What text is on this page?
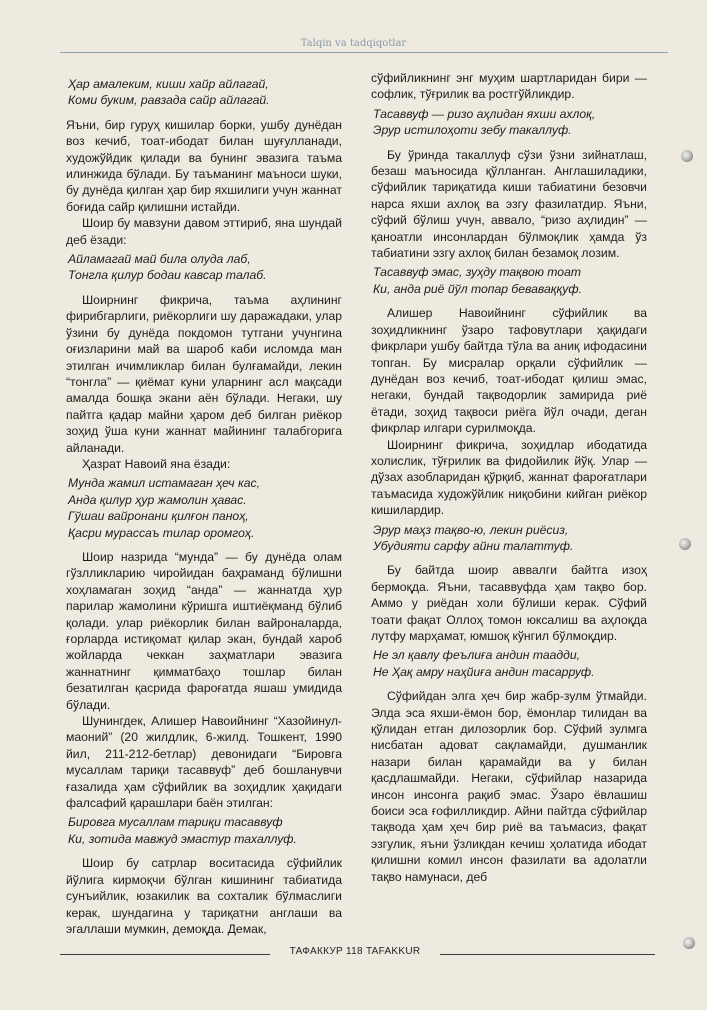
Talqin va tadqiqotlar
Ҳар амалеким, киши хайр айлагай,
Коми буким, равзада сайр айлагай.

Яъни, бир гуруҳ кишилар борки, ушбу дунёдан воз кечиб, тоат-ибодат билан шуғулланади, художўйдик қилади ва бунинг эвазига таъма илинжида бўлади. Бу таъманинг маъноси шуки, бу дунёда қилган ҳар бир яхшилиги учун жаннат боғида сайр қилишни истайди.

Шоир бу мавзуни давом эттириб, яна шундай деб ёзади:

Айламагай май била олуда лаб,
Тонгла қилур бодаи кавсар талаб.

Шоирнинг фикрича, таъма аҳлининг фирибгарлиги, риёкорлиги шу даражадаки, улар ўзини бу дунёда покдомон тутгани учунгина оғизларини май ва шароб каби исломда ман этилган ичимликлар билан булғамайди, лекин “тонгла” — қиёмат куни уларнинг асл мақсади амалда бошқа экани аён бўлади. Негаки, шу пайтга қадар майни ҳаром деб билган риёкор зоҳид ўша куни жаннат майининг талабгорига айланади.

Ҳазрат Навоий яна ёзади:

Мунда жамил истамаган ҳеч кас,
Анда қилур ҳур жамолин ҳавас.
Гўшаи вайронани қилғон паноҳ,
Қасри мурассаъ тилар оромгоҳ.

Шоир назрида “мунда” — бу дунёда олам гўзлликларию чиройидан баҳраманд бўлишни хоҳламаган зоҳид “анда” — жаннатда ҳур парилар жамолини кўришга иштиёқманд бўлиб қолади. улар риёкорлик билан вайроналарда, ғорларда истиқомат қилар экан, бундай хароб жойларда чеккан заҳматлари эвазига жаннатнинг қимматбаҳо тошлар билан безатилган қасрида фароғатда яшаш умидида бўлади.

Шунингдек, Алишер Навоийнинг “Хазойинул-маоний” (20 жилдлик, 6-жилд. Тошкент, 1990 йил, 211-212-бетлар) девонидаги “Бировга мусаллам тариқи тасаввуф” деб бошланувчи ғазалида ҳам сўфийлик ва зоҳидлик ҳақидаги фалсафий қарашлари баён этилган:

Бировга мусаллам тариқи тасаввуф
Ки, зотида мавжуд эмастур тахаллуф.

Шоир бу сатрлар воситасида сўфийлик йўлига кирмоқчи бўлган кишининг табиатида сунъийлик, юзакилик ва сохталик бўлмаслиги керак, шундагина у тариқатни англаши ва эгаллаши мумкин, демоқда. Демак,

сўфийликнинг энг муҳим шартларидан бири — софлик, тўғрилик ва ростгўйликдир.

Тасаввуф — ризо аҳлидан яхши ахлоқ,
Эрур истилоҳоти зебу такаллуф.

Бу ўринда такаллуф сўзи ўзни зийнатлаш, безаш маъносида қўлланган. Англашиладики, сўфийлик тариқатида киши табиатини безовчи нарса яхши ахлоқ ва эзгу фазилатдир. Яъни, сўфий бўлиш учун, аввало, “ризо аҳлидин” — қаноатли инсонлардан бўлмоқлик ҳамда ўз табиатини эзгу ахлоқ билан безамоқ лозим.

Тасаввуф эмас, зуҳду тақвою тоат
Ки, анда риё йўл топар беваваққуф.

Алишер Навоийнинг сўфийлик ва зоҳидликнинг ўзаро тафовутлари ҳақидаги фикрлари ушбу байтда тўла ва аниқ ифодасини топган. Бу мисралар орқали сўфийлик — дунёдан воз кечиб, тоат-ибодат қилиш эмас, негаки, бундай тақводорлик замирида риё ётади, зоҳид тақвоси риёга йўл очади, деган фикрлар илгари сурилмоқда.

Шоирнинг фикрича, зоҳидлар ибодатида холислик, тўғрилик ва фидойилик йўқ. Улар — дўзах азобларидан қўрқиб, жаннат фароғатлари таъмасида художўйлик ниқобини кийган риёкор кишилардир.

Эрур маҳз тақво-ю, лекин риёсиз,
Убудияти сарфу айни талаттуф.

Бу байтда шоир аввалги байтга изоҳ бермоқда. Яъни, тасаввуфда ҳам тақво бор. Аммо у риёдан холи бўлиши керак. Сўфий тоати фақат Оллоҳ томон юксалиш ва аҳлоқда лутфу марҳамат, юмшоқ кўнгил бўлмоқдир.

Не эл қавлу феълиға андин таадди,
Не Ҳақ амру наҳйиға андин тасарруф.

Сўфийдан элга ҳеч бир жабр-зулм ўтмайди. Элда эса яхши-ёмон бор, ёмонлар тилидан ва қўлидан етган дилозорлик бор. Сўфий зулмга нисбатан адоват сақламайди, душманлик назари билан қарамайди ва у билан қасдлашмайди. Негаки, сўфийлар назарида инсон инсонга рақиб эмас. Ўзаро ёвлашиш боиси эса ғофилликдир. Айни пайтда сўфийлар тақвода ҳам ҳеч бир риё ва таъмасиз, фақат эзгулик, яъни ўзликдан кечиш ҳолатида ибодат қилишни комил инсон фазилати ва адолатли тақво намунаси, деб

ТАФАККУР 118 TAFAKKUR
